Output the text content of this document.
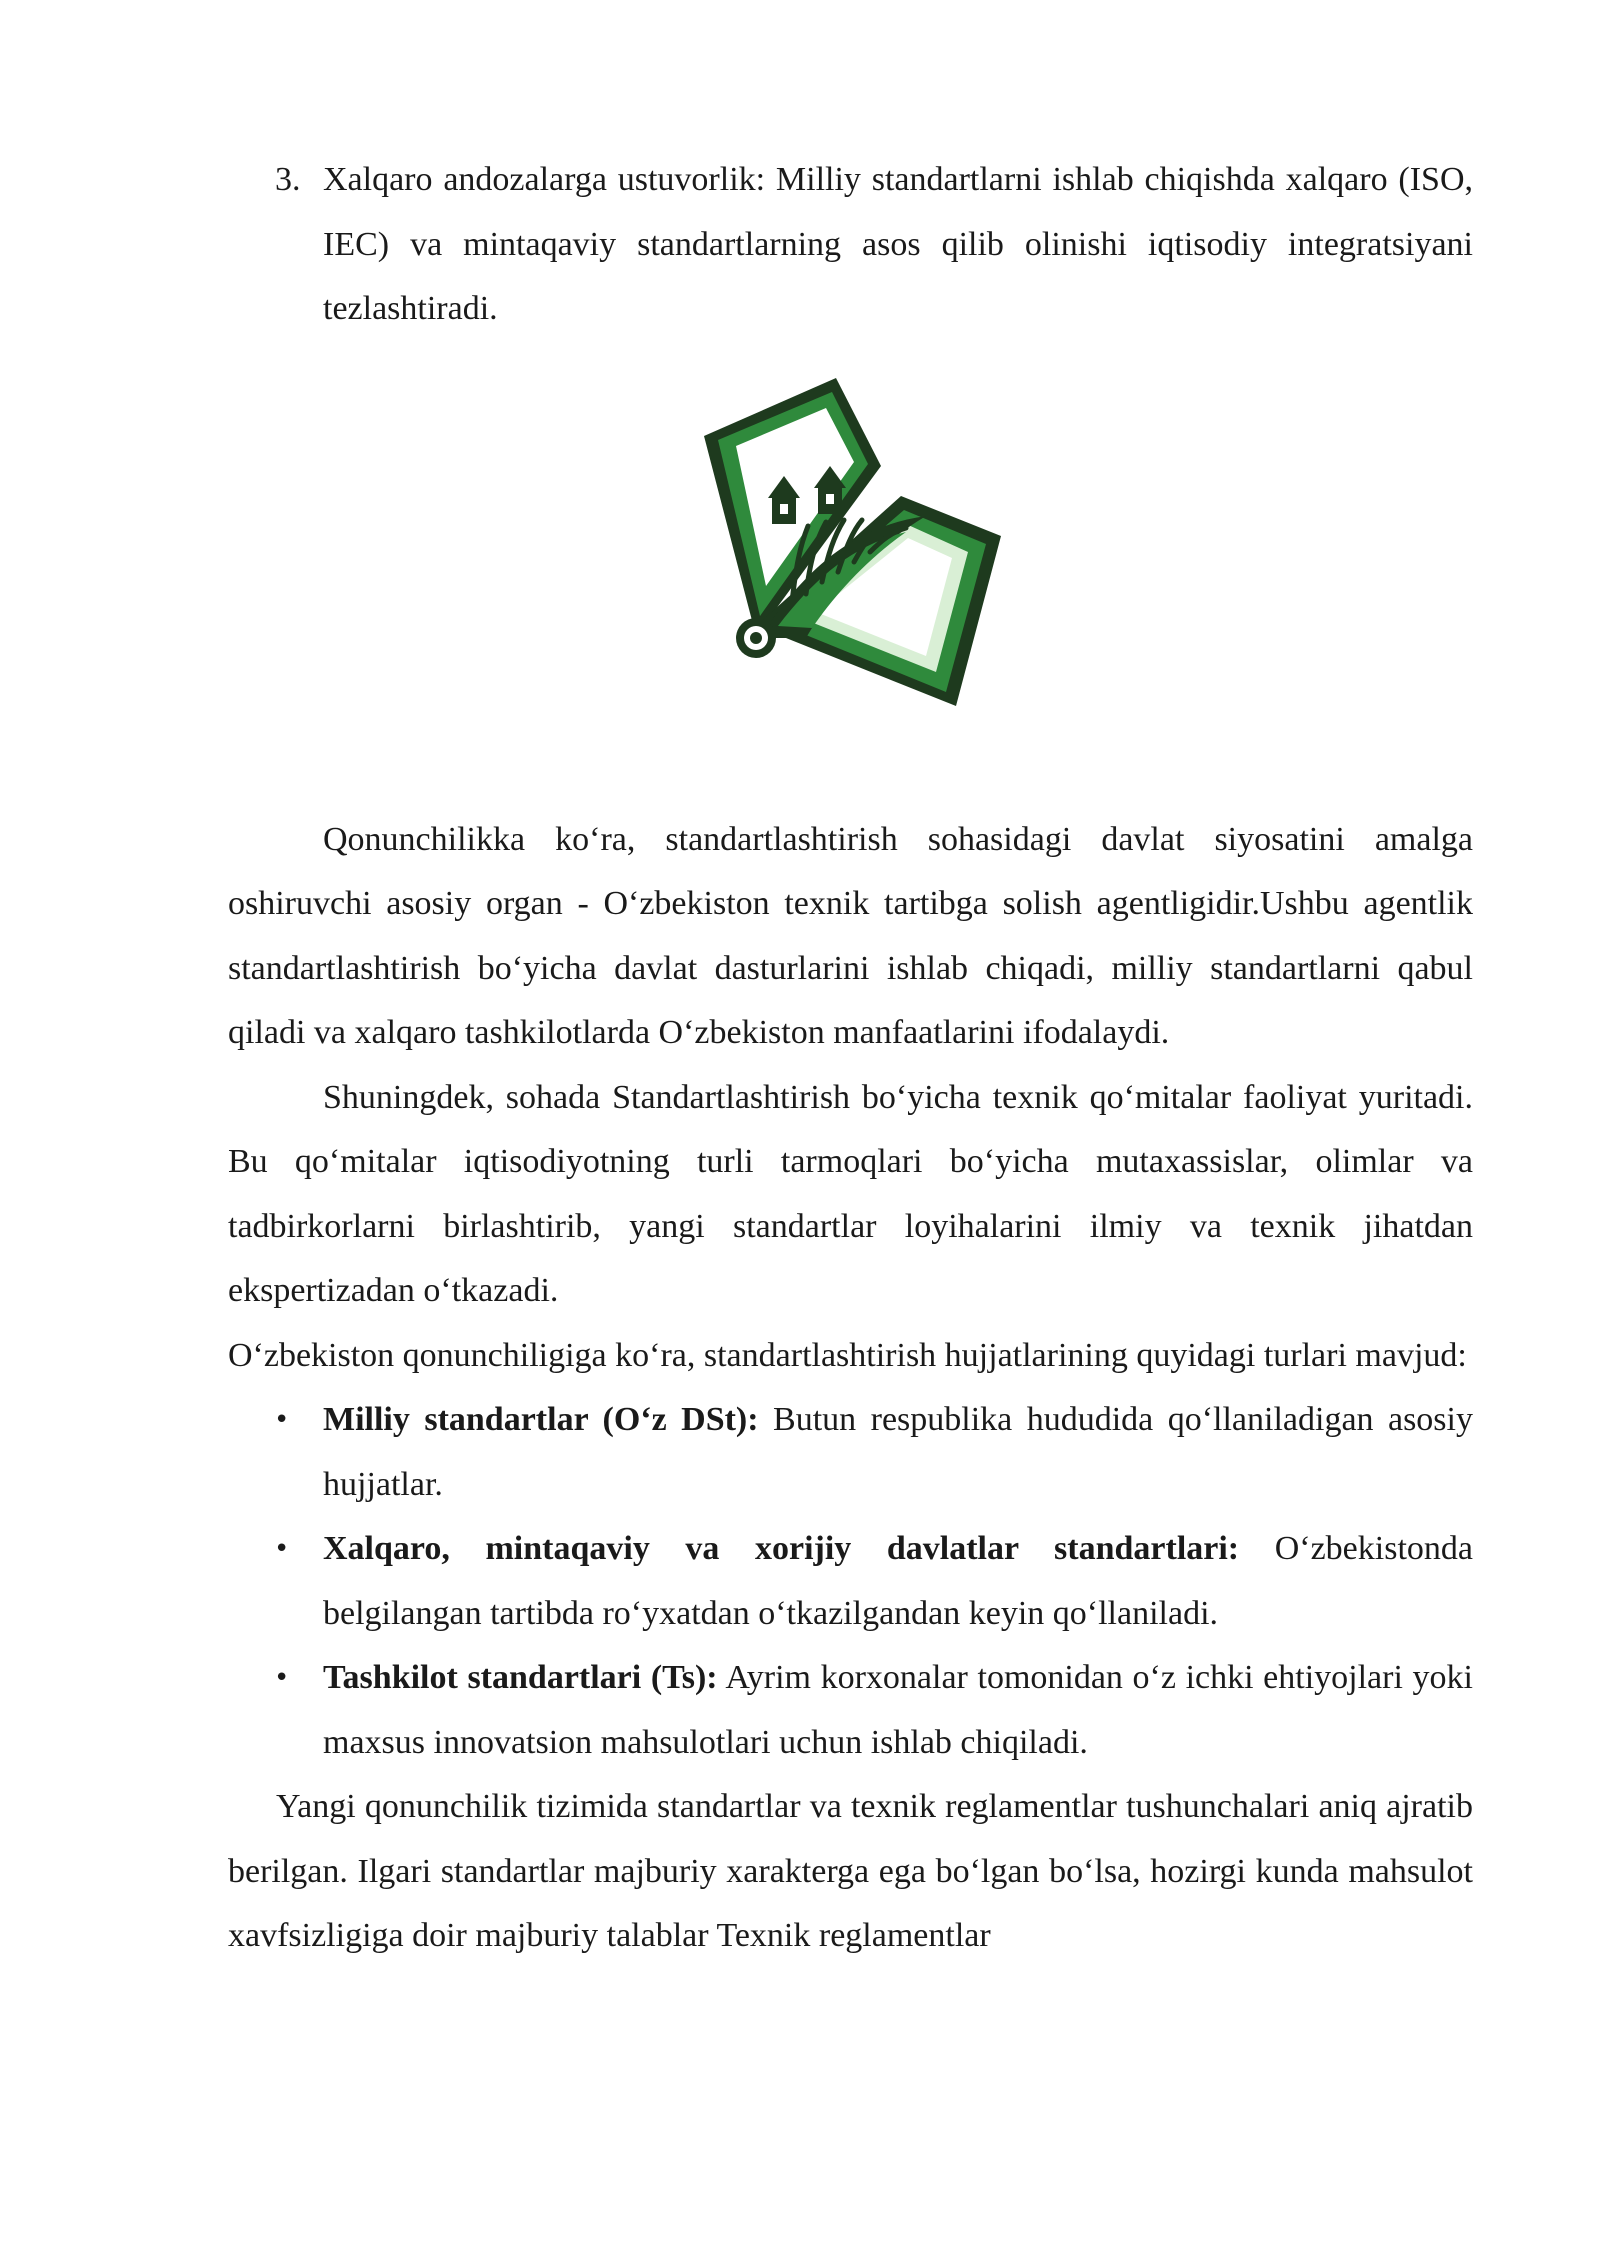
3. Xalqaro andozalarga ustuvorlik: Milliy standartlarni ishlab chiqishda xalqaro (ISO, IEC) va mintaqaviy standartlarning asos qilib olinishi iqtisodiy integratsiyani tezlashtiradi.

Qonunchilikka ko‘ra, standartlashtirish sohasidagi davlat siyosatini amalga oshiruvchi asosiy organ - O‘zbekiston texnik tartibga solish agentligidir.Ushbu agentlik standartlashtirish bo‘yicha davlat dasturlarini ishlab chiqadi, milliy standartlarni qabul qiladi va xalqaro tashkilotlarda O‘zbekiston manfaatlarini ifodalaydi.

Shuningdek, sohada Standartlashtirish bo‘yicha texnik qo‘mitalar faoliyat yuritadi. Bu qo‘mitalar iqtisodiyotning turli tarmoqlari bo‘yicha mutaxassislar, olimlar va tadbirkorlarni birlashtirib, yangi standartlar loyihalarini ilmiy va texnik jihatdan ekspertizadan o‘tkazadi.

O‘zbekiston qonunchiligiga ko‘ra, standartlashtirish hujjatlarining quyidagi turlari mavjud:

• Milliy standartlar (O‘z DSt): Butun respublika hududida qo‘llaniladigan asosiy hujjatlar.
• Xalqaro, mintaqaviy va xorijiy davlatlar standartlari: O‘zbekistonda belgilangan tartibda ro‘yxatdan o‘tkazilgandan keyin qo‘llaniladi.
• Tashkilot standartlari (Ts): Ayrim korxonalar tomonidan o‘z ichki ehtiyojlari yoki maxsus innovatsion mahsulotlari uchun ishlab chiqiladi.

Yangi qonunchilik tizimida standartlar va texnik reglamentlar tushunchalari aniq ajratib berilgan. Ilgari standartlar majburiy xarakterga ega bo‘lgan bo‘lsa, hozirgi kunda mahsulot xavfsizligiga doir majburiy talablar Texnik reglamentlar
